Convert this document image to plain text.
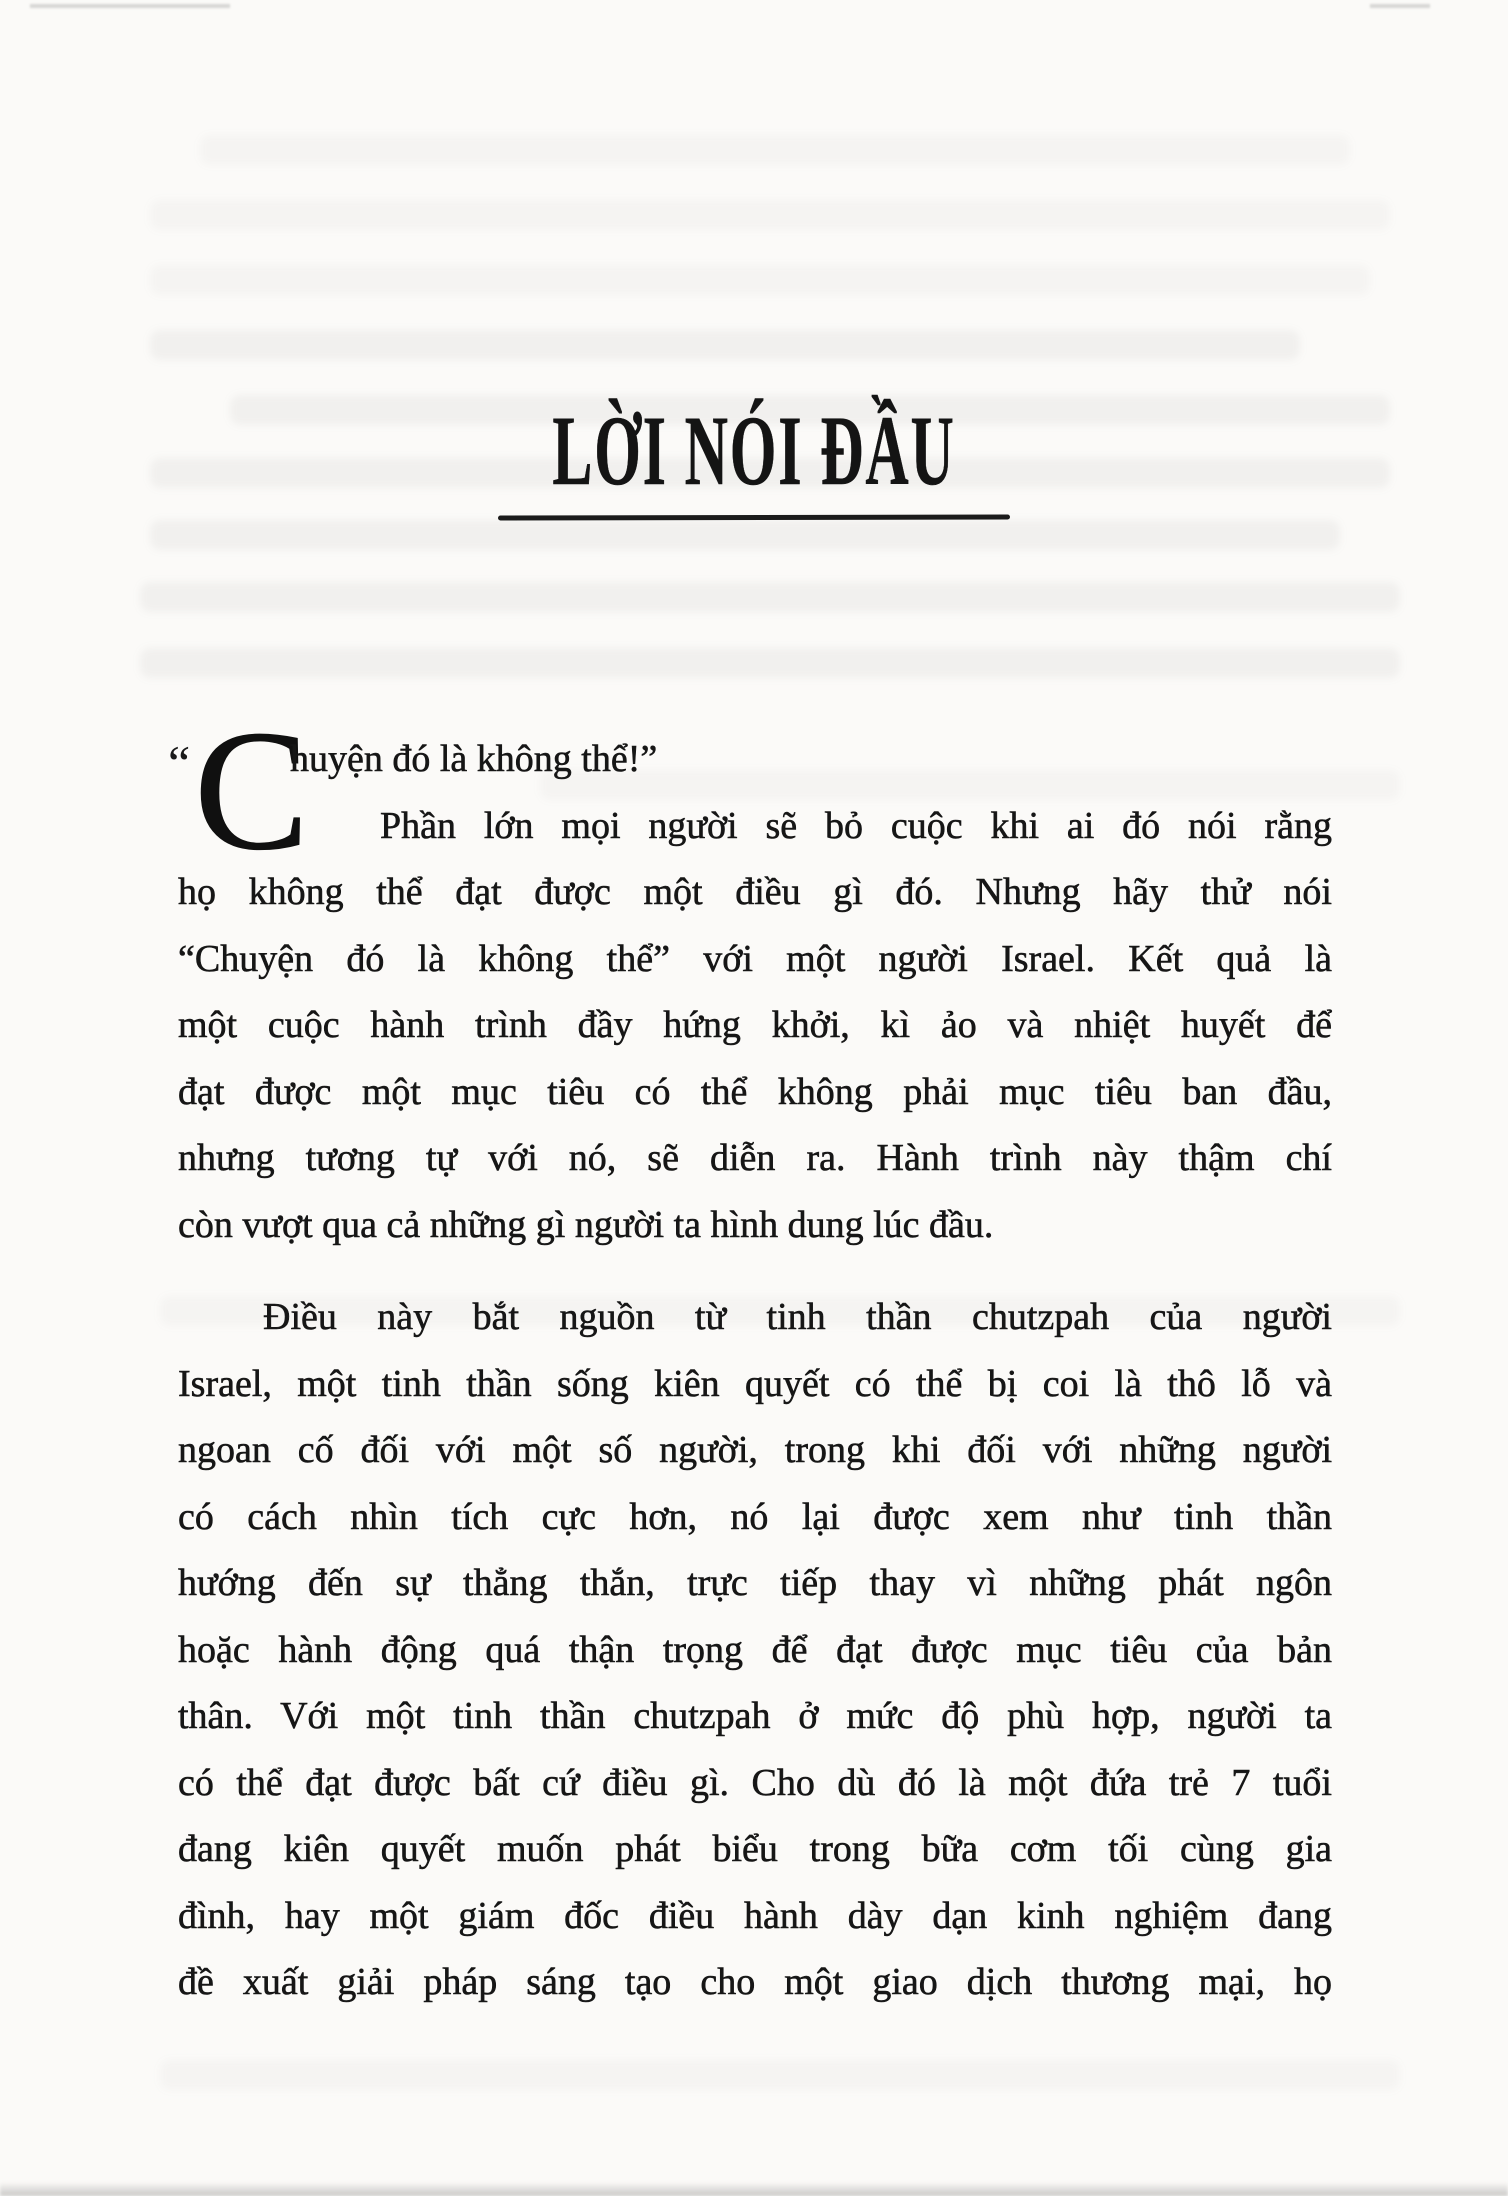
LỜI NÓI ĐẦU
“ C
huyện đó là không thể!”
Phần lớn mọi người sẽ bỏ cuộc khi ai đó nói rằng
họ không thể đạt được một điều gì đó. Nhưng hãy thử nói
“Chuyện đó là không thể” với một người Israel. Kết quả là
một cuộc hành trình đầy hứng khởi, kì ảo và nhiệt huyết để
đạt được một mục tiêu có thể không phải mục tiêu ban đầu,
nhưng tương tự với nó, sẽ diễn ra. Hành trình này thậm chí
còn vượt qua cả những gì người ta hình dung lúc đầu.
Điều này bắt nguồn từ tinh thần chutzpah của người
Israel, một tinh thần sống kiên quyết có thể bị coi là thô lỗ và
ngoan cố đối với một số người, trong khi đối với những người
có cách nhìn tích cực hơn, nó lại được xem như tinh thần
hướng đến sự thẳng thắn, trực tiếp thay vì những phát ngôn
hoặc hành động quá thận trọng để đạt được mục tiêu của bản
thân. Với một tinh thần chutzpah ở mức độ phù hợp, người ta
có thể đạt được bất cứ điều gì. Cho dù đó là một đứa trẻ 7 tuổi
đang kiên quyết muốn phát biểu trong bữa cơm tối cùng gia
đình, hay một giám đốc điều hành dày dạn kinh nghiệm đang
đề xuất giải pháp sáng tạo cho một giao dịch thương mại, họ
